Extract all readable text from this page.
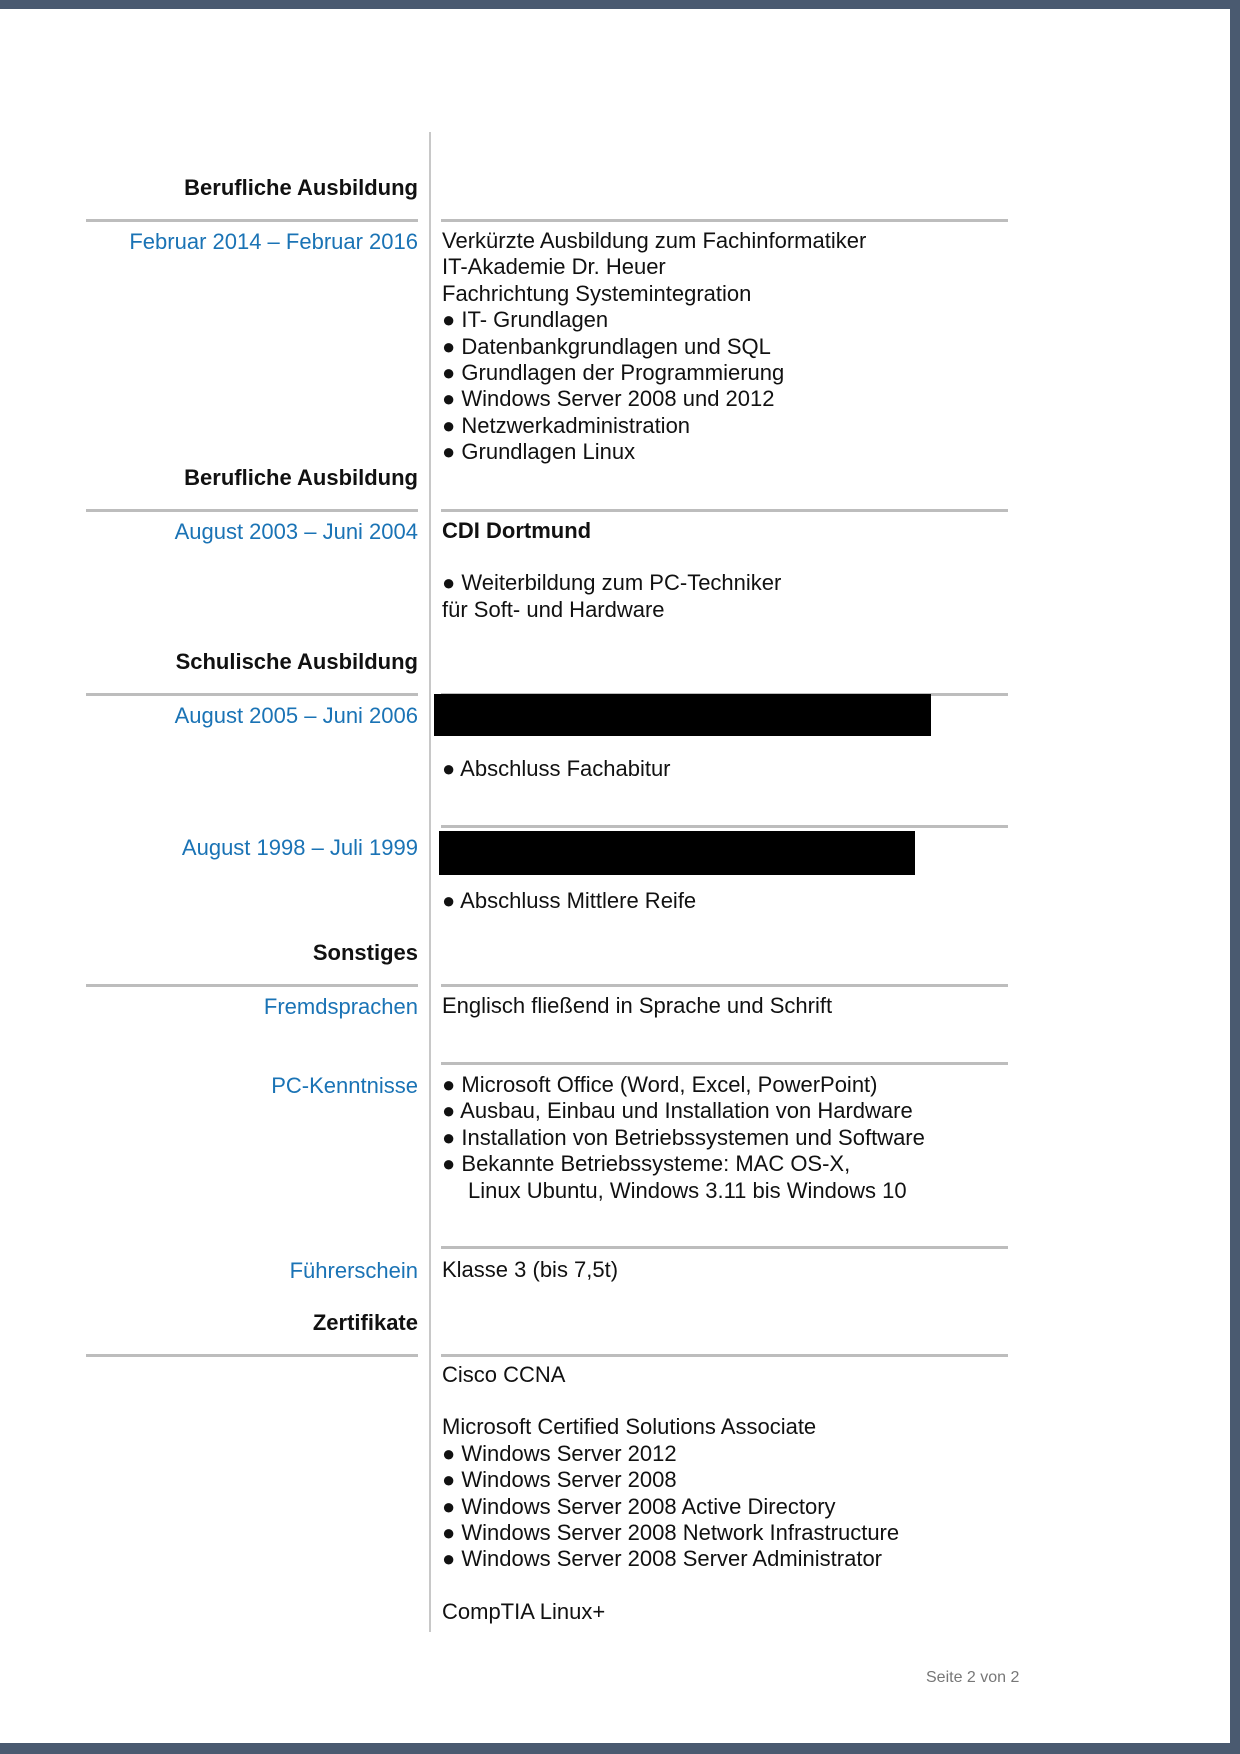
Berufliche Ausbildung
Februar 2014 – Februar 2016 Verkürzte Ausbildung zum Fachinformatiker
IT-Akademie Dr. Heuer
Fachrichtung Systemintegration
● IT- Grundlagen
● Datenbankgrundlagen und SQL
● Grundlagen der Programmierung
● Windows Server 2008 und 2012
● Netzwerkadministration
● Grundlagen Linux
Berufliche Ausbildung
August 2003 – Juni 2004 CDI Dortmund
● Weiterbildung zum PC-Techniker
für Soft- und Hardware
Schulische Ausbildung
August 2005 – Juni 2006
● Abschluss Fachabitur
August 1998 – Juli 1999
● Abschluss Mittlere Reife
Sonstiges
Fremdsprachen Englisch fließend in Sprache und Schrift
PC-Kenntnisse ● Microsoft Office (Word, Excel, PowerPoint)
● Ausbau, Einbau und Installation von Hardware
● Installation von Betriebssystemen und Software
● Bekannte Betriebssysteme: MAC OS-X,
Linux Ubuntu, Windows 3.11 bis Windows 10
Führerschein Klasse 3 (bis 7,5t)
Zertifikate
Cisco CCNA
Microsoft Certified Solutions Associate
● Windows Server 2012
● Windows Server 2008
● Windows Server 2008 Active Directory
● Windows Server 2008 Network Infrastructure
● Windows Server 2008 Server Administrator
CompTIA Linux+
Seite 2 von 2
